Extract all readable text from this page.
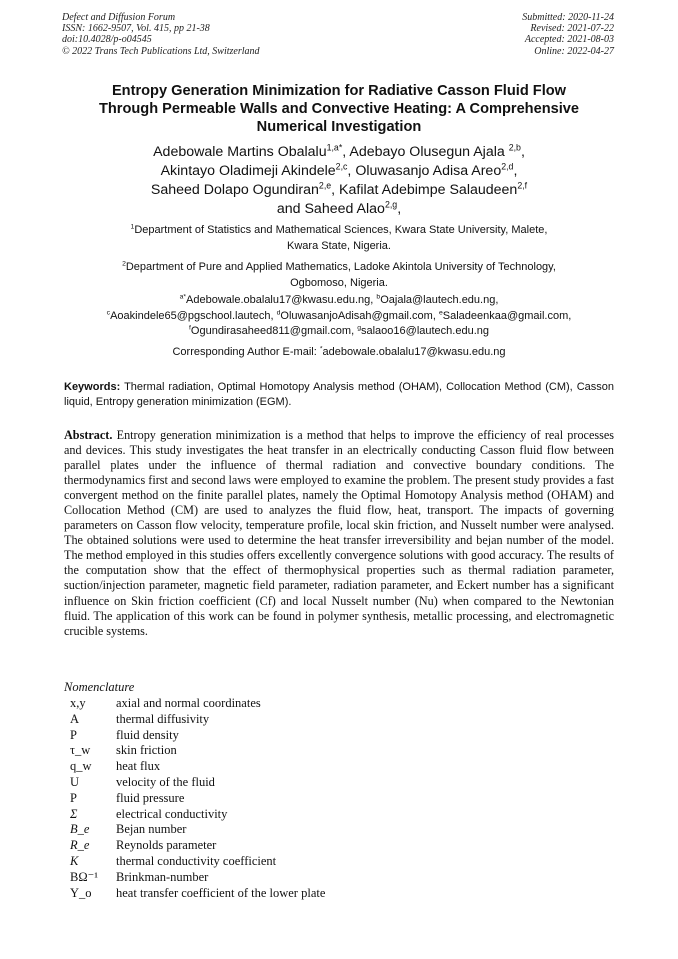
Defect and Diffusion Forum
ISSN: 1662-9507, Vol. 415, pp 21-38
doi:10.4028/p-o04545
© 2022 Trans Tech Publications Ltd, Switzerland
Submitted: 2020-11-24
Revised: 2021-07-22
Accepted: 2021-08-03
Online: 2022-04-27
Entropy Generation Minimization for Radiative Casson Fluid Flow
Through Permeable Walls and Convective Heating: A Comprehensive
Numerical Investigation
Adebowale Martins Obalalu$^{1,a*}$, Adebayo Olusegun Ajala $^{2,b}$,
Akintayo Oladimeji Akindele$^{2,c}$, Oluwasanjo Adisa Areo$^{2,d}$,
Saheed Dolapo Ogundiran$^{2,e}$, Kafilat Adebimpe Salaudeen$^{2,f}$
and Saheed Alao$^{2,g}$,
$^1$Department of Statistics and Mathematical Sciences, Kwara State University, Malete,
Kwara State, Nigeria.
$^2$Department of Pure and Applied Mathematics, Ladoke Akintola University of Technology,
Ogbomoso, Nigeria.
$^{a*}$Adebowale.obalalu17@kwasu.edu.ng, $^b$Oajala@lautech.edu.ng,
$^c$Aoakindele65@pgschool.lautech, $^d$OluwasanjoAdisah@gmail.com, $^e$Saladeenkaa@gmail.com,
$^f$Ogundirasaheed811@gmail.com, $^g$salaoo16@lautech.edu.ng
Corresponding Author E-mail: *adebowale.obalalu17@kwasu.edu.ng
Keywords: Thermal radiation, Optimal Homotopy Analysis method (OHAM), Collocation Method (CM), Casson liquid, Entropy generation minimization (EGM).
Abstract. Entropy generation minimization is a method that helps to improve the efficiency of real processes and devices. This study investigates the heat transfer in an electrically conducting Casson fluid flow between parallel plates under the influence of thermal radiation and convective boundary conditions. The thermodynamics first and second laws were employed to examine the problem. The present study provides a fast convergent method on the finite parallel plates, namely the Optimal Homotopy Analysis method (OHAM) and Collocation Method (CM) are used to analyzes the fluid flow, heat, transport. The impacts of governing parameters on Casson flow velocity, temperature profile, local skin friction, and Nusselt number were analysed. The obtained solutions were used to determine the heat transfer irreversibility and bejan number of the model. The method employed in this studies offers excellently convergence solutions with good accuracy. The results of the computation show that the effect of thermophysical properties such as thermal radiation parameter, suction/injection parameter, magnetic field parameter, radiation parameter, and Eckert number has a significant influence on Skin friction coefficient (Cf) and local Nusselt number (Nu) when compared to the Newtonian fluid. The application of this work can be found in polymer synthesis, metallic processing, and electromagnetic crucible systems.
Nomenclature
x,y axial and normal coordinates
Α	thermal diffusivity
Ρ	fluid density
τ_w skin friction
q_w heat flux
U	velocity of the fluid
P	fluid pressure
Σ	electrical conductivity
B_e Bejan number
R_e Reynolds parameter
K	thermal conductivity coefficient
BΩ⁻¹ Brinkman-number
Y_o heat transfer coefficient of the lower plate
